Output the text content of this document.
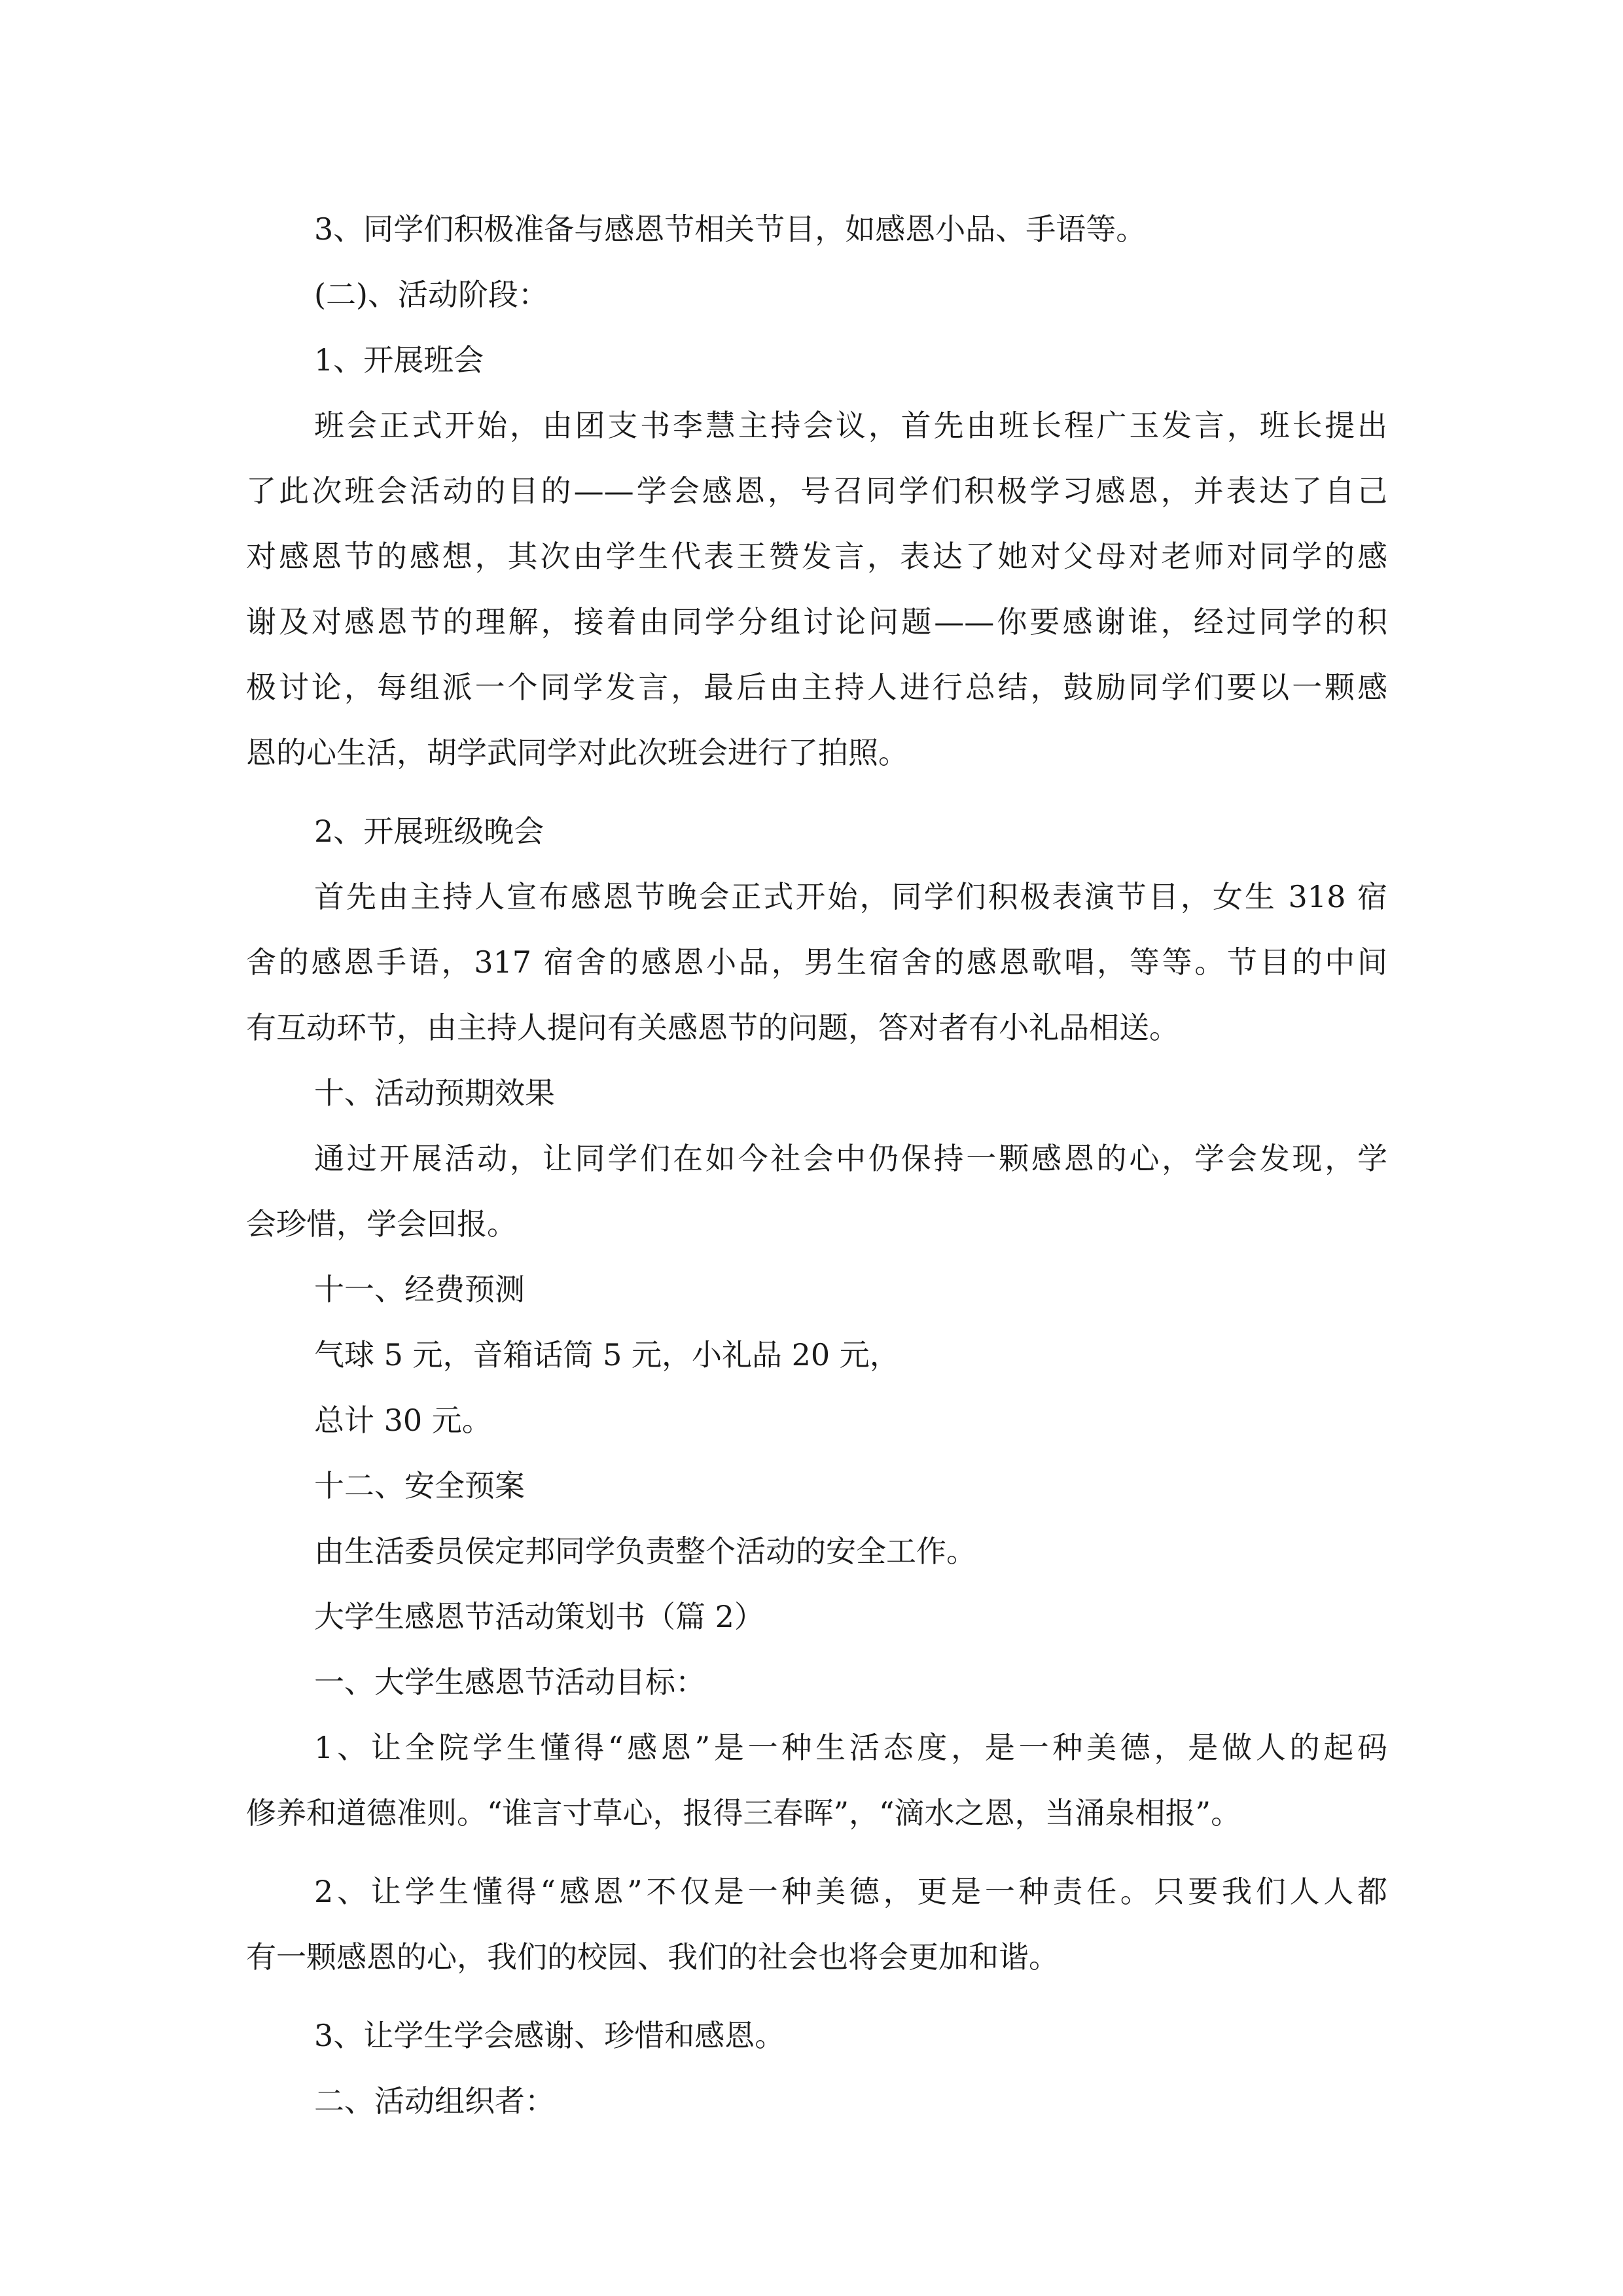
3、同学们积极准备与感恩节相关节目，如感恩小品、手语等。

(二)、活动阶段：

1、开展班会

班会正式开始，由团支书李慧主持会议，首先由班长程广玉发言，班长提出

了此次班会活动的目的——学会感恩，号召同学们积极学习感恩，并表达了自己

对感恩节的感想，其次由学生代表王赞发言，表达了她对父母对老师对同学的感

谢及对感恩节的理解，接着由同学分组讨论问题——你要感谢谁，经过同学的积

极讨论，每组派一个同学发言，最后由主持人进行总结，鼓励同学们要以一颗感

恩的心生活，胡学武同学对此次班会进行了拍照。

2、开展班级晚会

首先由主持人宣布感恩节晚会正式开始，同学们积极表演节目，女生 318 宿

舍的感恩手语，317 宿舍的感恩小品，男生宿舍的感恩歌唱，等等。节目的中间

有互动环节，由主持人提问有关感恩节的问题，答对者有小礼品相送。

十、活动预期效果

通过开展活动，让同学们在如今社会中仍保持一颗感恩的心，学会发现，学

会珍惜，学会回报。

十一、经费预测

气球 5 元，音箱话筒 5 元，小礼品 20 元，

总计 30 元。

十二、安全预案

由生活委员侯定邦同学负责整个活动的安全工作。

大学生感恩节活动策划书（篇 2）

一、大学生感恩节活动目标：

1、让全院学生懂得“感恩”是一种生活态度，是一种美德，是做人的起码

修养和道德准则。“谁言寸草心，报得三春晖”，“滴水之恩，当涌泉相报”。

2、让学生懂得“感恩”不仅是一种美德，更是一种责任。只要我们人人都

有一颗感恩的心，我们的校园、我们的社会也将会更加和谐。

3、让学生学会感谢、珍惜和感恩。

二、活动组织者：
